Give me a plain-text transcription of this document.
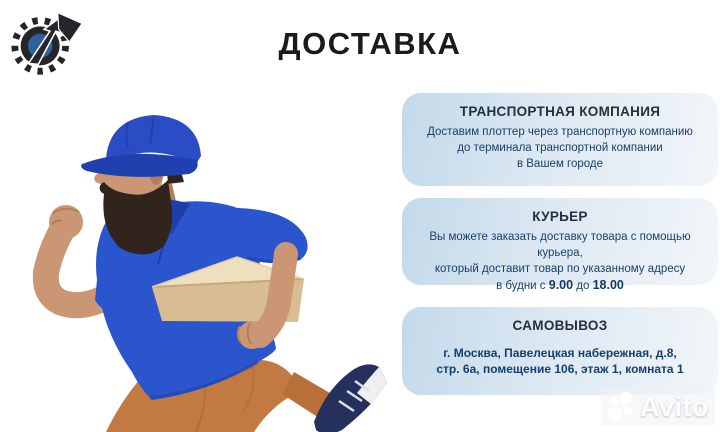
ДОСТАВКА
ТРАНСПОРТНАЯ КОМПАНИЯ
Доставим плоттер через транспортную компанию
до терминала транспортной компании
в Вашем городе
КУРЬЕР
Вы можете заказать доставку товара с помощью курьера,
который доставит товар по указанному адресу
в будни с 9.00 до 18.00
САМОВЫВОЗ
г. Москва, Павелецкая набережная, д.8,
стр. 6а, помещение 106, этаж 1, комната 1
Avito
